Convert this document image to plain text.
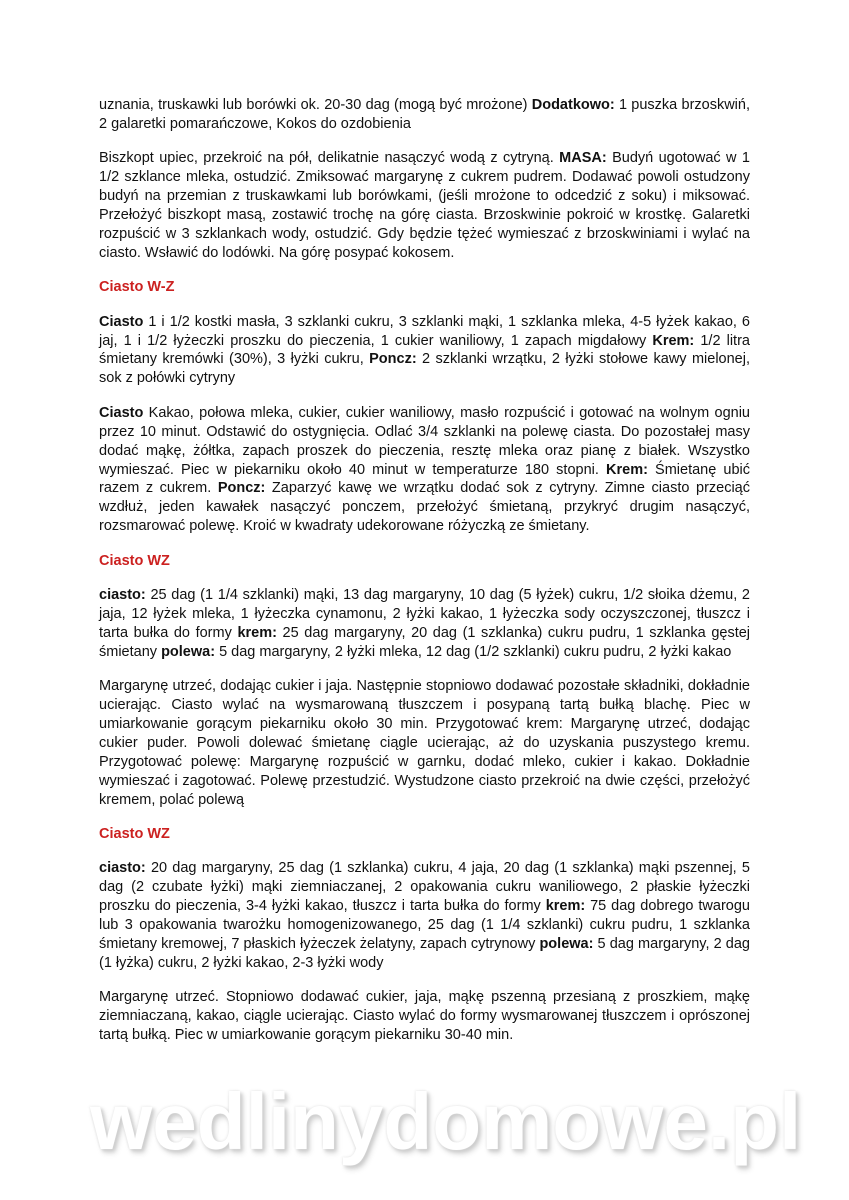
wedlinydomowe.pl

uznania, truskawki lub borówki ok. 20-30 dag (mogą być mrożone) Dodatkowo: 1 puszka brzoskwiń, 2 galaretki pomarańczowe, Kokos do ozdobienia

Biszkopt upiec, przekroić na pół, delikatnie nasączyć wodą z cytryną. MASA: Budyń ugotować w 1 1/2 szklance mleka, ostudzić. Zmiksować margarynę z cukrem pudrem. Dodawać powoli ostudzony budyń na przemian z truskawkami lub borówkami, (jeśli mrożone to odcedzić z soku) i miksować. Przełożyć biszkopt masą, zostawić trochę na górę ciasta. Brzoskwinie pokroić w krostkę. Galaretki rozpuścić w 3 szklankach wody, ostudzić. Gdy będzie tężeć wymieszać z brzoskwiniami i wylać na ciasto. Wsławić do lodówki. Na górę posypać kokosem.

Ciasto W-Z

Ciasto 1 i 1/2 kostki masła, 3 szklanki cukru, 3 szklanki mąki, 1 szklanka mleka, 4-5 łyżek kakao, 6 jaj, 1 i 1/2 łyżeczki proszku do pieczenia, 1 cukier waniliowy, 1 zapach migdałowy Krem: 1/2 litra śmietany kremówki (30%), 3 łyżki cukru, Poncz: 2 szklanki wrzątku, 2 łyżki stołowe kawy mielonej, sok z połówki cytryny

Ciasto Kakao, połowa mleka, cukier, cukier waniliowy, masło rozpuścić i gotować na wolnym ogniu przez 10 minut. Odstawić do ostygnięcia. Odlać 3/4 szklanki na polewę ciasta. Do pozostałej masy dodać mąkę, żółtka, zapach proszek do pieczenia, resztę mleka oraz pianę z białek. Wszystko wymieszać. Piec w piekarniku około 40 minut w temperaturze 180 stopni. Krem: Śmietanę ubić razem z cukrem. Poncz: Zaparzyć kawę we wrzątku dodać sok z cytryny. Zimne ciasto przeciąć wzdłuż, jeden kawałek nasączyć ponczem, przełożyć śmietaną, przykryć drugim nasączyć, rozsmarować polewę. Kroić w kwadraty udekorowane różyczką ze śmietany.

Ciasto WZ

ciasto: 25 dag (1 1/4 szklanki) mąki, 13 dag margaryny, 10 dag (5 łyżek) cukru, 1/2 słoika dżemu, 2 jaja, 12 łyżek mleka, 1 łyżeczka cynamonu, 2 łyżki kakao, 1 łyżeczka sody oczyszczonej, tłuszcz i tarta bułka do formy krem: 25 dag margaryny, 20 dag (1 szklanka) cukru pudru, 1 szklanka gęstej śmietany polewa: 5 dag margaryny, 2 łyżki mleka, 12 dag (1/2 szklanki) cukru pudru, 2 łyżki kakao

Margarynę utrzeć, dodając cukier i jaja. Następnie stopniowo dodawać pozostałe składniki, dokładnie ucierając. Ciasto wylać na wysmarowaną tłuszczem i posypaną tartą bułką blachę. Piec w umiarkowanie gorącym piekarniku około 30 min. Przygotować krem: Margarynę utrzeć, dodając cukier puder. Powoli dolewać śmietanę ciągle ucierając, aż do uzyskania puszystego kremu. Przygotować polewę: Margarynę rozpuścić w garnku, dodać mleko, cukier i kakao. Dokładnie wymieszać i zagotować. Polewę przestudzić. Wystudzone ciasto przekroić na dwie części, przełożyć kremem, polać polewą

Ciasto WZ

ciasto: 20 dag margaryny, 25 dag (1 szklanka) cukru, 4 jaja, 20 dag (1 szklanka) mąki pszennej, 5 dag (2 czubate łyżki) mąki ziemniaczanej, 2 opakowania cukru waniliowego, 2 płaskie łyżeczki proszku do pieczenia, 3-4 łyżki kakao, tłuszcz i tarta bułka do formy krem: 75 dag dobrego twarogu lub 3 opakowania twarożku homogenizowanego, 25 dag (1 1/4 szklanki) cukru pudru, 1 szklanka śmietany kremowej, 7 płaskich łyżeczek żelatyny, zapach cytrynowy polewa: 5 dag margaryny, 2 dag (1 łyżka) cukru, 2 łyżki kakao, 2-3 łyżki wody

Margarynę utrzeć. Stopniowo dodawać cukier, jaja, mąkę pszenną przesianą z proszkiem, mąkę ziemniaczaną, kakao, ciągle ucierając. Ciasto wylać do formy wysmarowanej tłuszczem i oprószonej tartą bułką. Piec w umiarkowanie gorącym piekarniku 30-40 min.
